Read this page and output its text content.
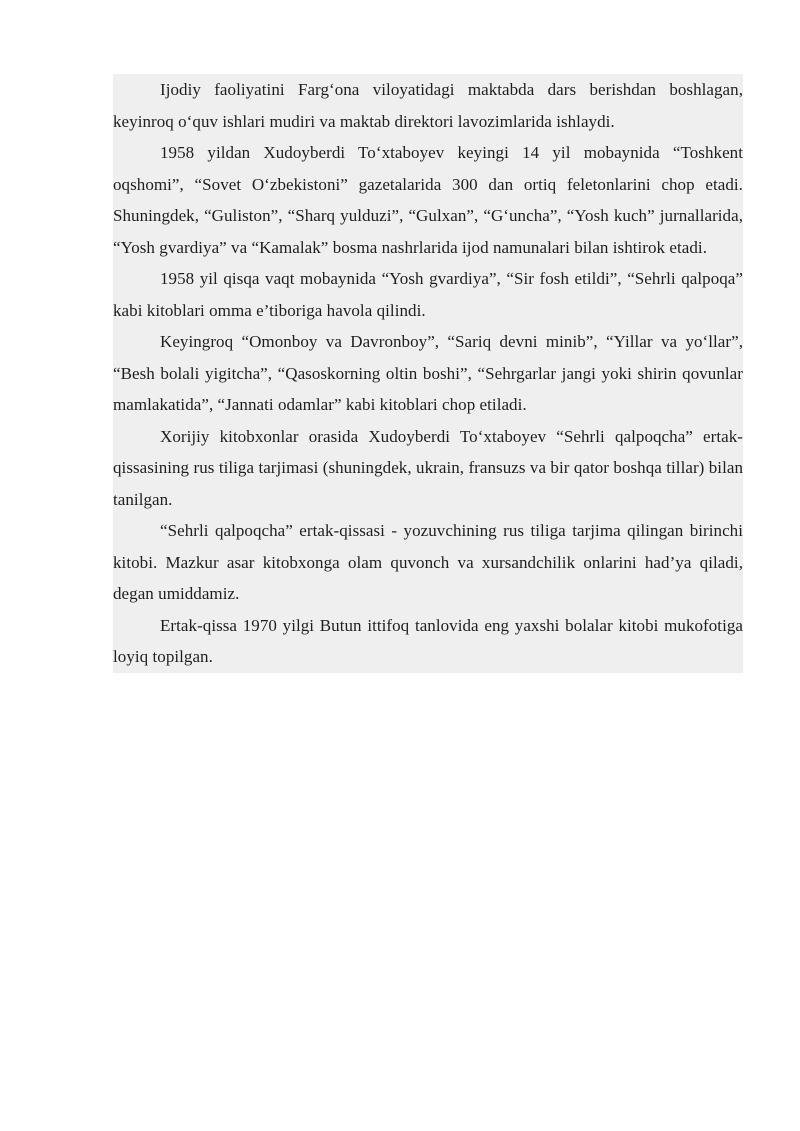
Ijodiy faoliyatini Farg‘ona viloyatidagi maktabda dars berishdan boshlagan, keyinroq o‘quv ishlari mudiri va maktab direktori lavozimlarida ishlaydi.

1958 yildan Xudoyberdi To‘xtaboyev keyingi 14 yil mobaynida “Toshkent oqshomi”, “Sovet O‘zbekistoni” gazetalarida 300 dan ortiq feletonlarini chop etadi. Shuningdek, “Guliston”, “Sharq yulduzi”, “Gulxan”, “G‘uncha”, “Yosh kuch” jurnallarida, “Yosh gvardiya” va “Kamalak” bosma nashrlarida ijod namunalari bilan ishtirok etadi.

1958 yil qisqa vaqt mobaynida “Yosh gvardiya”, “Sir fosh etildi”, “Sehrli qalpoqa” kabi kitoblari omma e’tiboriga havola qilindi.

Keyingroq “Omonboy va Davronboy”, “Sariq devni minib”, “Yillar va yo‘llar”, “Besh bolali yigitcha”, “Qasoskorning oltin boshi”, “Sehrgarlar jangi yoki shirin qovunlar mamlakatida”, “Jannati odamlar” kabi kitoblari chop etiladi.

Xorijiy kitobxonlar orasida Xudoyberdi To‘xtaboyev “Sehrli qalpoqcha” ertak-qissasining rus tiliga tarjimasi (shuningdek, ukrain, fransuzs va bir qator boshqa tillar) bilan tanilgan.

“Sehrli qalpoqcha” ertak-qissasi - yozuvchining rus tiliga tarjima qilingan birinchi kitobi. Mazkur asar kitobxonga olam quvonch va xursandchilik onlarini had’ya qiladi, degan umiddamiz.

Ertak-qissa 1970 yilgi Butun ittifoq tanlovida eng yaxshi bolalar kitobi mukofotiga loyiq topilgan.
